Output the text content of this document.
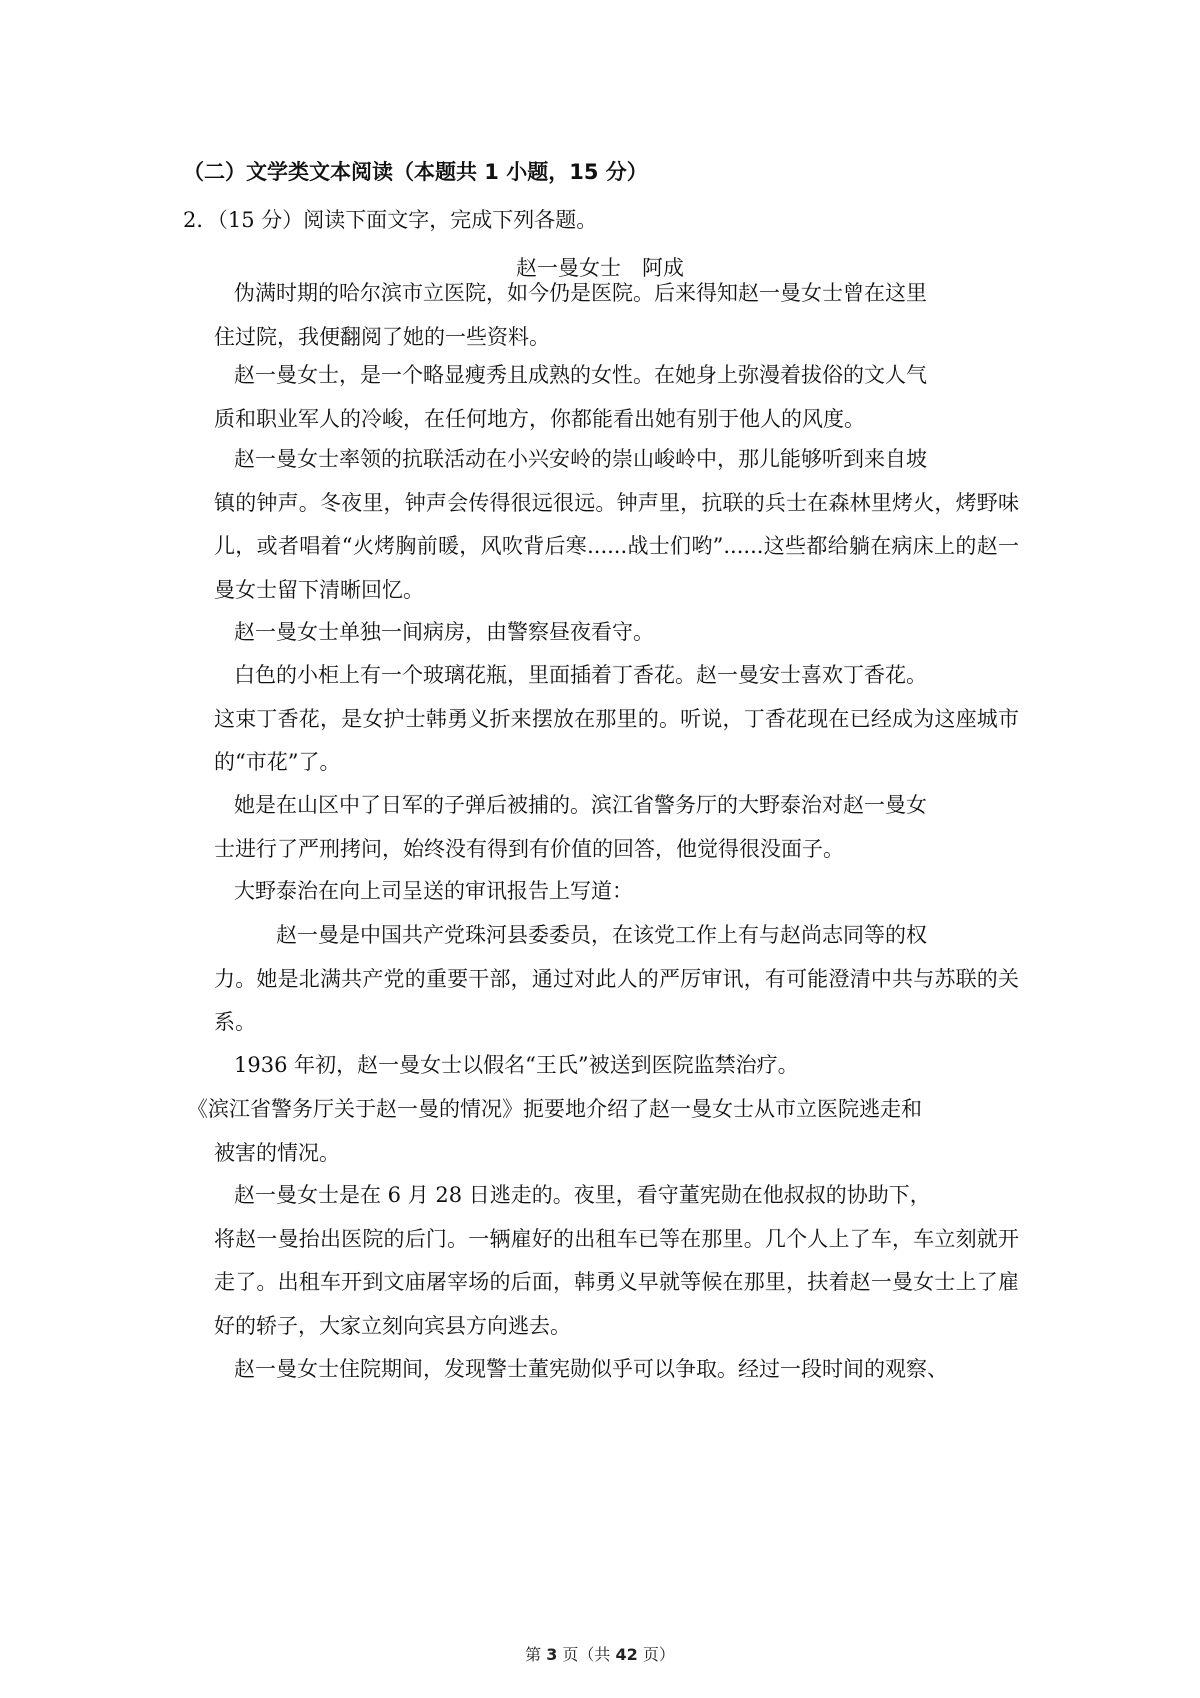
（二）文学类文本阅读（本题共 1 小题，15 分）
2．（15 分）阅读下面文字，完成下列各题。
赵一曼女士　阿成

伪满时期的哈尔滨市立医院，如今仍是医院。后来得知赵一曼女士曾在这里
住过院，我便翻阅了她的一些资料。

赵一曼女士，是一个略显瘦秀且成熟的女性。在她身上弥漫着拔俗的文人气
质和职业军人的冷峻，在任何地方，你都能看出她有别于他人的风度。

赵一曼女士率领的抗联活动在小兴安岭的崇山峻岭中，那儿能够听到来自坡
镇的钟声。冬夜里，钟声会传得很远很远。钟声里，抗联的兵士在森林里烤火，烤野味儿，或者唱着“火烤胸前暖，风吹背后寒......战士们哟”......这些都给躺在病床上的赵一曼女士留下清晰回忆。

赵一曼女士单独一间病房，由警察昼夜看守。

白色的小柜上有一个玻璃花瓶，里面插着丁香花。赵一曼安士喜欢丁香花。
这束丁香花，是女护士韩勇义折来摆放在那里的。听说，丁香花现在已经成为这座城市的“市花”了。

她是在山区中了日军的子弹后被捕的。滨江省警务厅的大野泰治对赵一曼女
士进行了严刑拷问，始终没有得到有价值的回答，他觉得很没面子。

大野泰治在向上司呈送的审讯报告上写道：

赵一曼是中国共产党珠河县委委员，在该党工作上有与赵尚志同等的权
力。她是北满共产党的重要干部，通过对此人的严厉审讯，有可能澄清中共与苏联的关系。

1936 年初，赵一曼女士以假名“王氏”被送到医院监禁治疗。

《滨江省警务厅关于赵一曼的情况》扼要地介绍了赵一曼女士从市立医院逃走和
被害的情况。

赵一曼女士是在 6 月 28 日逃走的。夜里，看守董宪勋在他叔叔的协助下，
将赵一曼抬出医院的后门。一辆雇好的出租车已等在那里。几个人上了车，车立刻就开走了。出租车开到文庙屠宰场的后面，韩勇义早就等候在那里，扶着赵一曼女士上了雇好的轿子，大家立刻向宾县方向逃去。

赵一曼女士住院期间，发现警士董宪勋似乎可以争取。经过一段时间的观察、

第 3 页（共 42 页）
